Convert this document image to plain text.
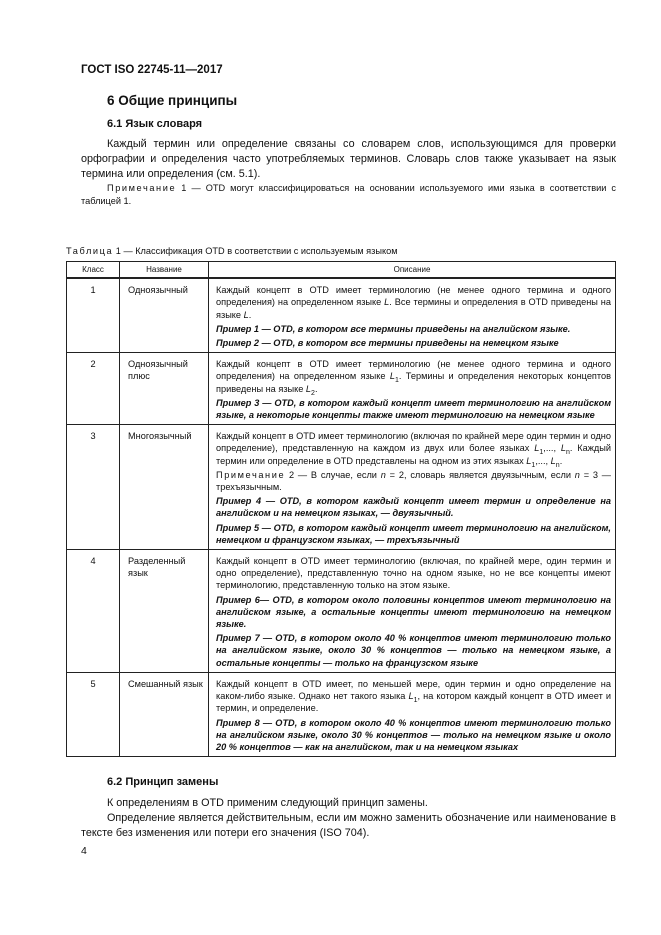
ГОСТ ISO 22745-11—2017
6 Общие принципы
6.1 Язык словаря
Каждый термин или определение связаны со словарем слов, использующимся для проверки орфографии и определения часто употребляемых терминов. Словарь слов также указывает на язык термина или определения (см. 5.1).
Примечание 1 — OTD могут классифицироваться на основании используемого ими языка в соответствии с таблицей 1.
Таблица 1 — Классификация OTD в соответствии с используемым языком
Класс	Название	Описание
1	Одноязычный	Каждый концепт в OTD имеет терминологию (не менее одного термина и одного определения) на определенном языке L. Все термины и определения в OTD приведены на языке L.
Пример 1 — OTD, в котором все термины приведены на английском языке.
Пример 2 — OTD, в котором все термины приведены на немецком языке

2	Одноязычный плюс	Каждый концепт в OTD имеет терминологию (не менее одного термина и одного определения) на определенном языке $L_1$. Термины и определения некоторых концептов приведены на языке $L_2$.
Пример 3 — OTD, в котором каждый концепт имеет терминологию на английском языке, а некоторые концепты также имеют терминологию на немецком языке

3	Многоязычный	Каждый концепт в OTD имеет терминологию (включая по крайней мере один термин и одно определение), представленную на каждом из двух или более языках $L_1$,..., $L_n$. Каждый термин или определение в OTD представлены на одном из этих языках $L_1$,..., $L_n$.
Примечание 2 — В случае, если n = 2, словарь является двуязычным, если n = 3 — трехъязычным.
Пример 4 — OTD, в котором каждый концепт имеет термин и определение на английском и на немецком языках, — двуязычный.
Пример 5 — OTD, в котором каждый концепт имеет терминологию на английском, немецком и французском языках, — трехъязычный

4	Разделенный язык	Каждый концепт в OTD имеет терминологию (включая, по крайней мере, один термин и одно определение), представленную точно на одном языке, но не все концепты имеют терминологию, представленную только на этом языке.
Пример 6— OTD, в котором около половины концептов имеют терминологию на английском языке, а остальные концепты имеют терминологию на немецком языке.
Пример 7 — OTD, в котором около 40 % концептов имеют терминологию только на английском языке, около 30 % концептов — только на немецком языке, а остальные концепты — только на французском языке

5	Смешанный язык	Каждый концепт в OTD имеет, по меньшей мере, один термин и одно определение на каком-либо языке. Однако нет такого языка $L_1$, на котором каждый концепт в OTD имеет и термин, и определение.
Пример 8 — OTD, в котором около 40 % концептов имеют терминологию только на английском языке, около 30 % концептов — только на немецком языке и около 20 % концептов — как на английском, так и на немецком языках
6.2 Принцип замены
К определениям в OTD применим следующий принцип замены.
Определение является действительным, если им можно заменить обозначение или наименование в тексте без изменения или потери его значения (ISO 704).
4
